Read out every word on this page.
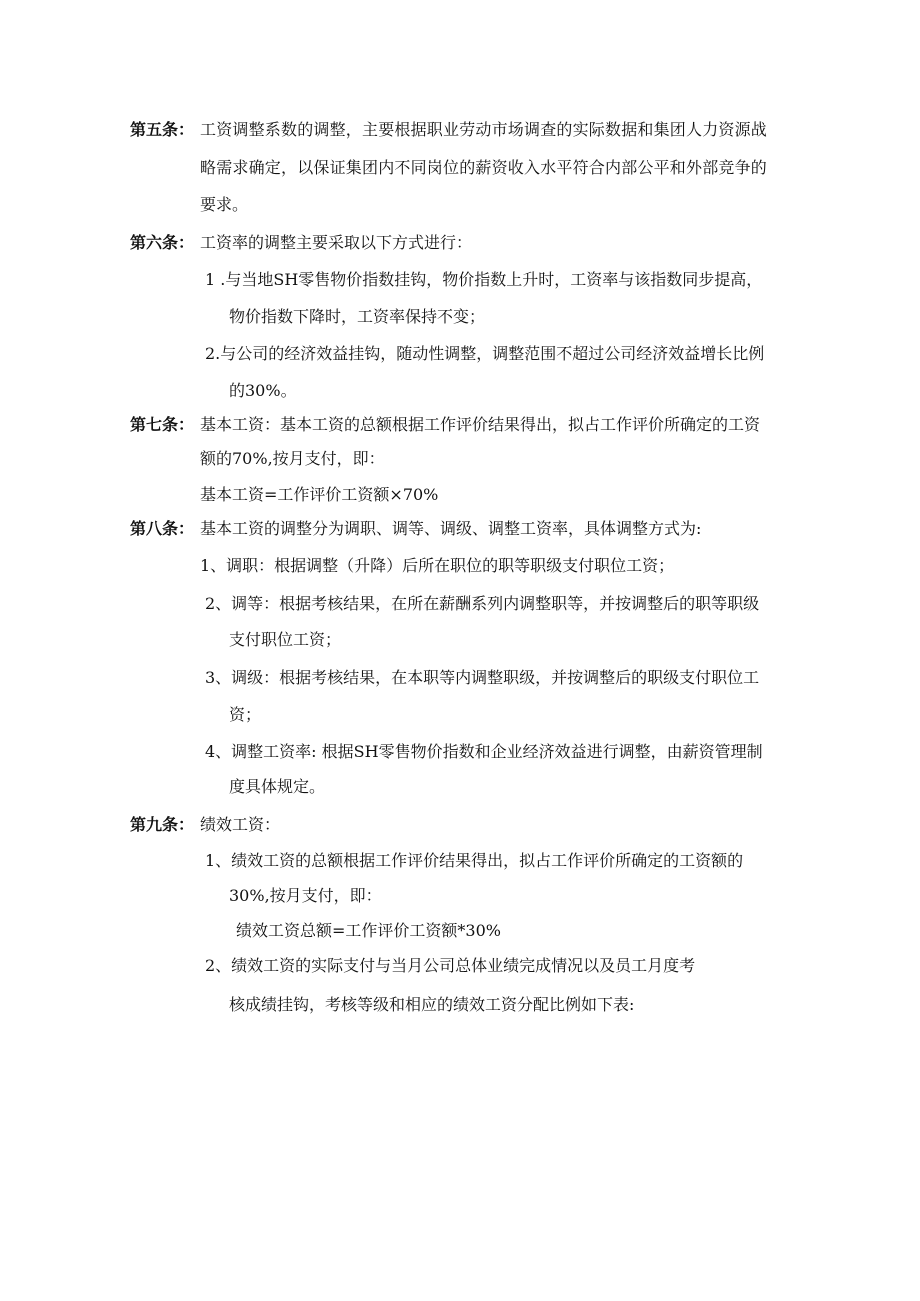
第五条： 工资调整系数的调整，主要根据职业劳动市场调查的实际数据和集团人力资源战
略需求确定，以保证集团内不同岗位的薪资收入水平符合内部公平和外部竞争的
要求。
第六条： 工资率的调整主要采取以下方式进行：
1 .与当地SH零售物价指数挂钩，物价指数上升时，工资率与该指数同步提高，
物价指数下降时，工资率保持不变；
2.与公司的经济效益挂钩，随动性调整，调整范围不超过公司经济效益增长比例
的30%。
第七条： 基本工资：基本工资的总额根据工作评价结果得出，拟占工作评价所确定的工资
额的70%,按月支付，即：
基本工资=工作评价工资额×70%
第八条： 基本工资的调整分为调职、调等、调级、调整工资率，具体调整方式为:
1、调职：根据调整（升降）后所在职位的职等职级支付职位工资；
2、调等：根据考核结果，在所在薪酬系列内调整职等，并按调整后的职等职级
支付职位工资；
3、调级：根据考核结果，在本职等内调整职级，并按调整后的职级支付职位工
资；
4、调整工资率: 根据SH零售物价指数和企业经济效益进行调整，由薪资管理制
度具体规定。
第九条： 绩效工资：
1、绩效工资的总额根据工作评价结果得出，拟占工作评价所确定的工资额的
30%,按月支付，即：
绩效工资总额=工作评价工资额*30%
2、绩效工资的实际支付与当月公司总体业绩完成情况以及员工月度考
核成绩挂钩，考核等级和相应的绩效工资分配比例如下表:
